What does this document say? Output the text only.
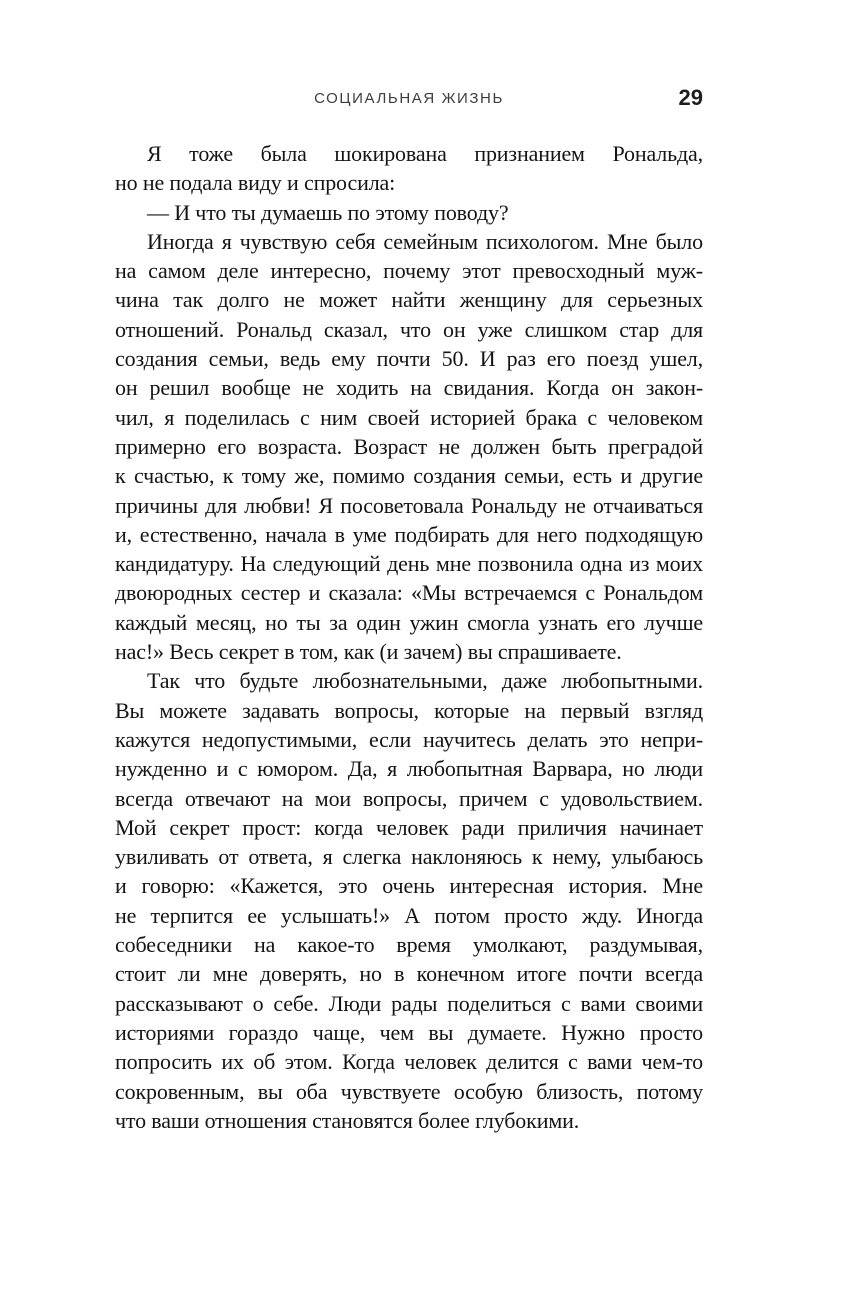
СОЦИАЛЬНАЯ ЖИЗНЬ	29
Я тоже была шокирована признанием Рональда,
но не подала виду и спросила:
— И что ты думаешь по этому поводу?
Иногда я чувствую себя семейным психологом. Мне было
на самом деле интересно, почему этот превосходный муж-
чина так долго не может найти женщину для серьезных
отношений. Рональд сказал, что он уже слишком стар для
создания семьи, ведь ему почти 50. И раз его поезд ушел,
он решил вообще не ходить на свидания. Когда он закон-
чил, я поделилась с ним своей историей брака с человеком
примерно его возраста. Возраст не должен быть преградой
к счастью, к тому же, помимо создания семьи, есть и другие
причины для любви! Я посоветовала Рональду не отчаиваться
и, естественно, начала в уме подбирать для него подходящую
кандидатуру. На следующий день мне позвонила одна из моих
двоюродных сестер и сказала: «Мы встречаемся с Рональдом
каждый месяц, но ты за один ужин смогла узнать его лучше
нас!» Весь секрет в том, как (и зачем) вы спрашиваете.
Так что будьте любознательными, даже любопытными.
Вы можете задавать вопросы, которые на первый взгляд
кажутся недопустимыми, если научитесь делать это непри-
нужденно и с юмором. Да, я любопытная Варвара, но люди
всегда отвечают на мои вопросы, причем с удовольствием.
Мой секрет прост: когда человек ради приличия начинает
увиливать от ответа, я слегка наклоняюсь к нему, улыбаюсь
и говорю: «Кажется, это очень интересная история. Мне
не терпится ее услышать!» А потом просто жду. Иногда
собеседники на какое-то время умолкают, раздумывая,
стоит ли мне доверять, но в конечном итоге почти всегда
рассказывают о себе. Люди рады поделиться с вами своими
историями гораздо чаще, чем вы думаете. Нужно просто
попросить их об этом. Когда человек делится с вами чем-то
сокровенным, вы оба чувствуете особую близость, потому
что ваши отношения становятся более глубокими.
